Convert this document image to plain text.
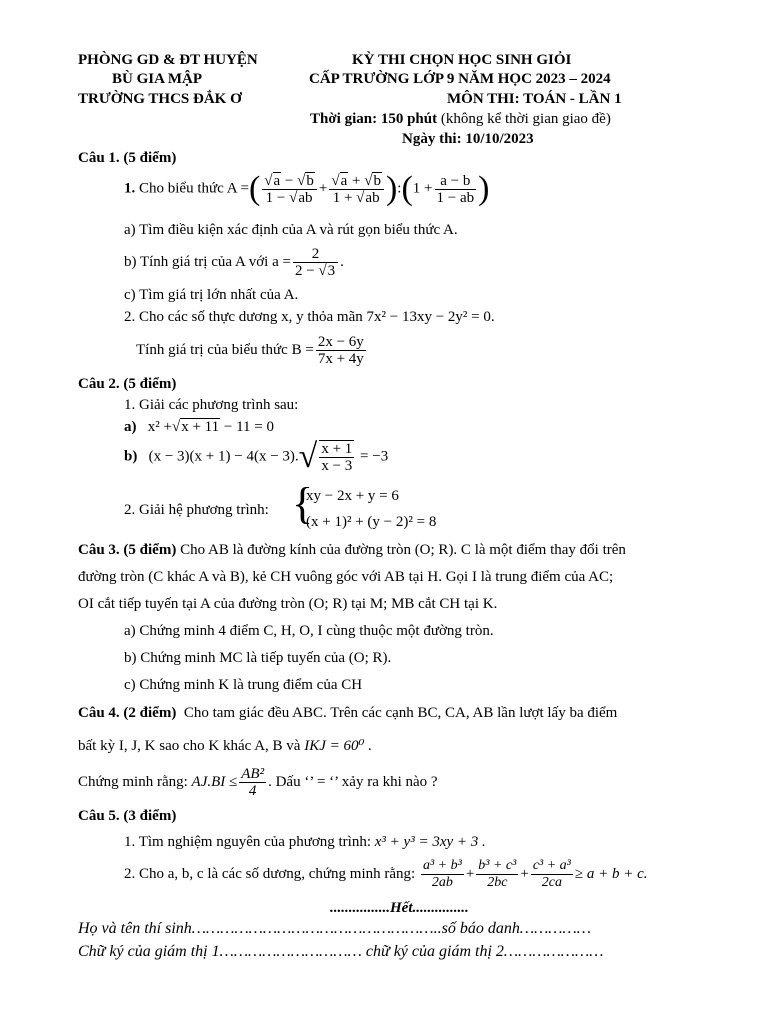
PHÒNG GD & ĐT HUYỆN
BÙ GIA MẬP
TRƯỜNG THCS ĐẮK Ơ
KỲ THI CHỌN HỌC SINH GIỎI
CẤP TRƯỜNG LỚP 9 NĂM HỌC 2023 – 2024
MÔN THI: TOÁN - LẦN 1
Thời gian: 150 phút (không kể thời gian giao đề)
Ngày thi: 10/10/2023
Câu 1. (5 điểm)
1. Cho biểu thức A =( $\frac{√a - √b}{1 - √ab} + \frac{√a + √b}{1 + √ab}$ ):(1 + $\frac{a - b}{1 - ab}$ )
a) Tìm điều kiện xác định của A và rút gọn biểu thức A.
b) Tính giá trị của A với $a = \frac{2}{2 - √3}$ .
c) Tìm giá trị lớn nhất của A.
2. Cho các số thực dương x, y thỏa mãn 7x² − 13xy − 2y² = 0.
Tính giá trị của biểu thức $B = \frac{2x - 6y}{7x + 4y}$
Câu 2. (5 điểm)
1. Giải các phương trình sau:
a) x² +√x + 11 − 11 = 0
b) $(x - 3)(x + 1) - 4(x - 3).√ \frac{x + 1}{x - 3} = -3$
2. Giải hệ phương trình: {
xy − 2x + y = 6
(x + 1)² + (y − 2)² = 8
Câu 3. (5 điểm) Cho AB là đường kính của đường tròn (O; R). C là một điểm thay đổi trên
đường tròn (C khác A và B), kẻ CH vuông góc với AB tại H. Gọi I là trung điểm của AC;
OI cắt tiếp tuyến tại A của đường tròn (O; R) tại M; MB cắt CH tại K.
a) Chứng minh 4 điểm C, H, O, I cùng thuộc một đường tròn.
b) Chứng minh MC là tiếp tuyến của (O; R).
c) Chứng minh K là trung điểm của CH
Câu 4. (2 điểm) Cho tam giác đều ABC. Trên các cạnh BC, CA, AB lần lượt lấy ba điểm
bất kỳ I, J, K sao cho K khác A, B và IKJ = 60⁰ .
Chứng minh rằng: $AJ.BI \le \frac{\text{AB²}}{4}$ . Dấu ‘’ = ‘’ xảy ra khi nào ?
Câu 5. (3 điểm)
1. Tìm nghiệm nguyên của phương trình: x³ + y³ = 3xy + 3 .
2. Cho a, b, c là các số dương, chứng minh rằng: $\frac{\text{a³ + b³}}{2ab} + \frac{\text{b³ + c³}}{2bc} + \frac{\text{c³ + a³}}{2ca} \ge a + b + c$.
................Hết...............
Họ và tên thí sinh……………………………………………..số báo danh……………
Chữ ký của giám thị 1………………………… chữ ký của giám thị 2…………………
